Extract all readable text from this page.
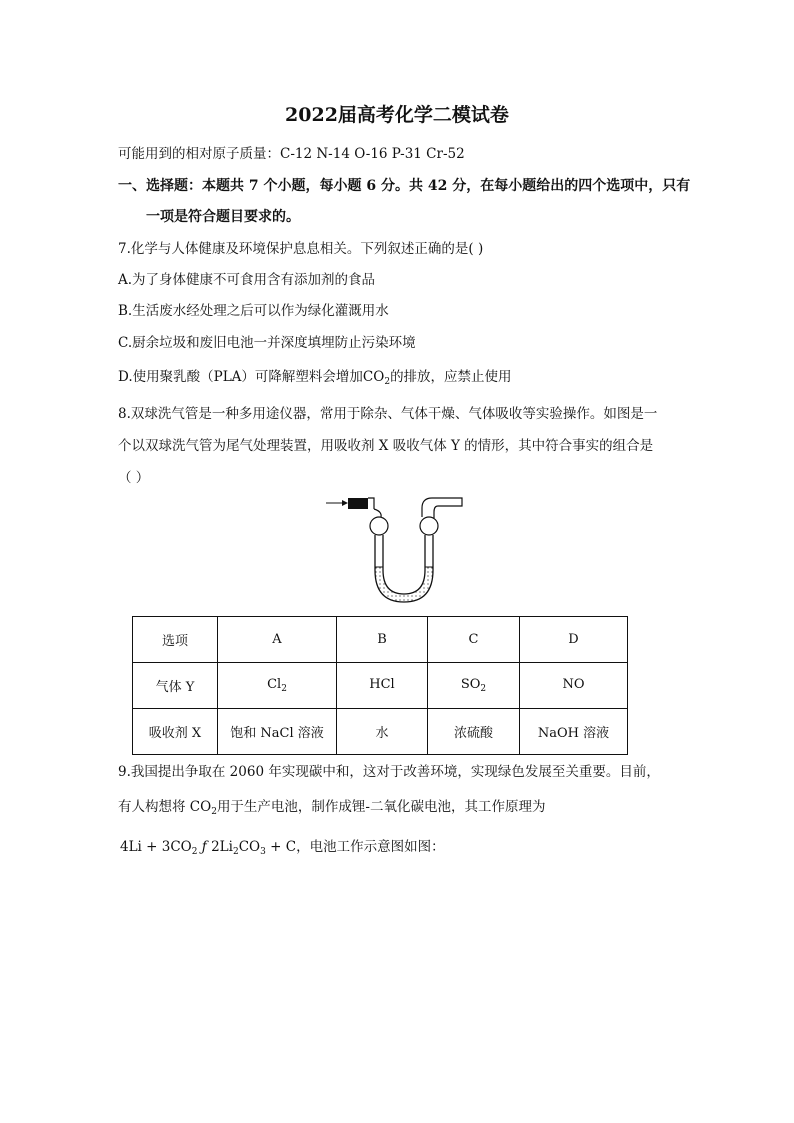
2022届高考化学二模试卷
可能用到的相对原子质量：C-12 N-14 O-16 P-31 Cr-52
一、选择题：本题共 7 个小题，每小题 6 分。共 42 分，在每小题给出的四个选项中，只有
一项是符合题目要求的。
7.化学与人体健康及环境保护息息相关。下列叙述正确的是( )
A.为了身体健康不可食用含有添加剂的食品
B.生活废水经处理之后可以作为绿化灌溉用水
C.厨余垃圾和废旧电池一并深度填埋防止污染环境
D.使用聚乳酸（PLA）可降解塑料会增加$CO_2$的排放，应禁止使用
8.双球洗气管是一种多用途仪器，常用于除杂、气体干燥、气体吸收等实验操作。如图是一
个以双球洗气管为尾气处理装置，用吸收剂 X 吸收气体 Y 的情形，其中符合事实的组合是
（ ）
选项	A	B	C	D
气体 Y	$Cl_2$	HCl	$SO_2$	NO
吸收剂 X	饱和 NaCl 溶液	水	浓硫酸	NaOH 溶液
9.我国提出争取在 2060 年实现碳中和，这对于改善环境，实现绿色发展至关重要。目前，
有人构想将 $CO_2$用于生产电池，制作成锂-二氧化碳电池，其工作原理为
$4Li + 3CO_2$ ƒ $2Li_2CO_3 + C$，电池工作示意图如图：
